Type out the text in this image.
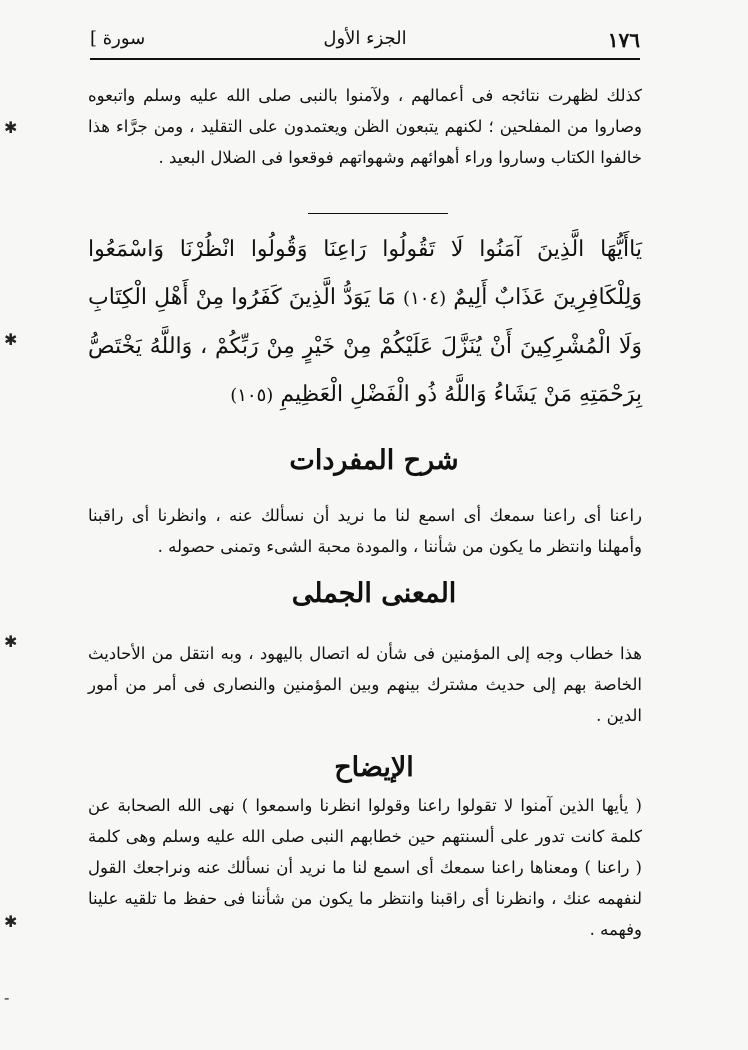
[ سورة	الجزء الأول	١٧٦
كذلك لظهرت نتائجه فى أعمالهم ، ولآمنوا بالنبى صلى الله عليه وسلم واتبعوه وصاروا من المفلحين ؛ لكنهم يتبعون الظن ويعتمدون على التقليد ، ومن جرَّاء هذا خالفوا الكتاب وساروا وراء أهوائهم وشهواتهم فوقعوا فى الضلال البعيد .
يَاأَيُّهَا الَّذِينَ آمَنُوا لَا تَقُولُوا رَاعِنَا وَقُولُوا انْظُرْنَا وَاسْمَعُوا وَلِلْكَافِرِينَ عَذَابٌ أَلِيمٌ (١٠٤) مَا يَوَدُّ الَّذِينَ كَفَرُوا مِنْ أَهْلِ الْكِتَابِ وَلَا الْمُشْرِكِينَ أَنْ يُنَزَّلَ عَلَيْكُمْ مِنْ خَيْرٍ مِنْ رَبِّكُمْ ، وَاللَّهُ يَخْتَصُّ بِرَحْمَتِهِ مَنْ يَشَاءُ وَاللَّهُ ذُو الْفَضْلِ الْعَظِيمِ (١٠٥)
شرح المفردات
راعنا أى راعنا سمعك أى اسمع لنا ما نريد أن نسألك عنه ، وانظرنا أى راقبنا وأمهلنا وانتظر ما يكون من شأننا ، والمودة محبة الشىء وتمنى حصوله .
المعنى الجملى
هذا خطاب وجه إلى المؤمنين فى شأن له اتصال باليهود ، وبه انتقل من الأحاديث الخاصة بهم إلى حديث مشترك بينهم وبين المؤمنين والنصارى فى أمر من أمور الدين .
الإيضاح
( يأيها الذين آمنوا لا تقولوا راعنا وقولوا انظرنا واسمعوا ) نهى الله الصحابة عن كلمة كانت تدور على ألسنتهم حين خطابهم النبى صلى الله عليه وسلم وهى كلمة ( راعنا ) ومعناها راعنا سمعك أى اسمع لنا ما نريد أن نسألك عنه ونراجعك القول لنفهمه عنك ، وانظرنا أى راقبنا وانتظر ما يكون من شأننا فى حفظ ما تلقيه علينا وفهمه .
✱
✱
✱
✱
‐
